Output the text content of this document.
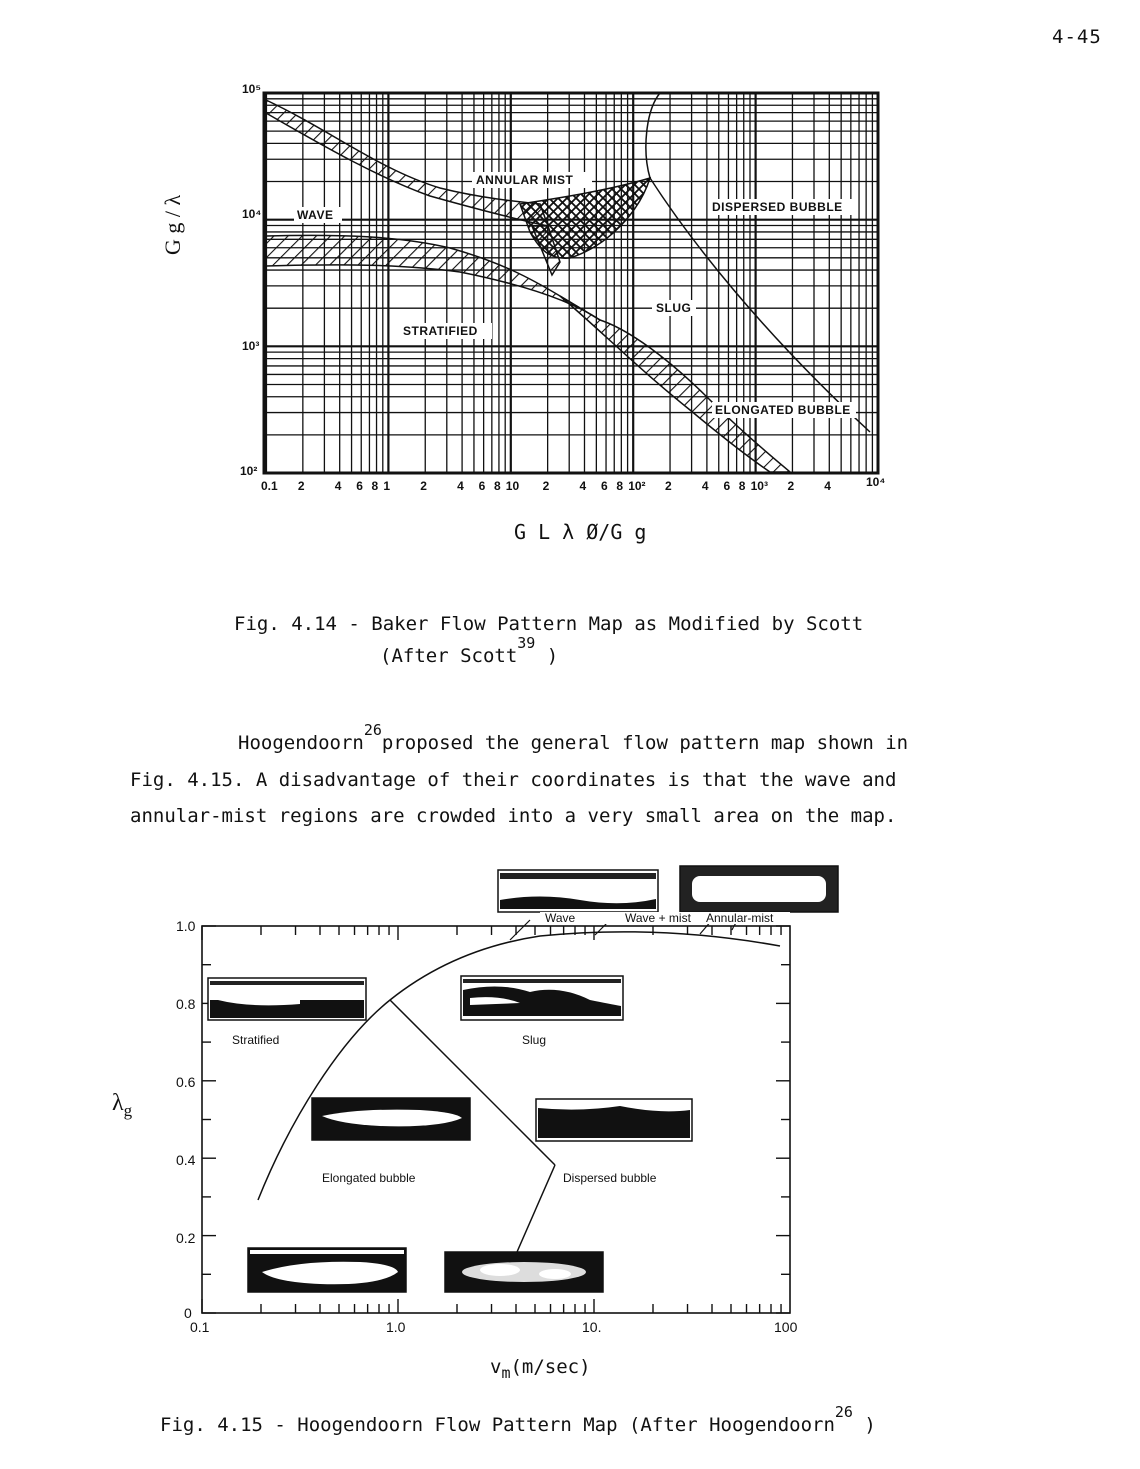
4-45
ANNULAR MIST
DISPERSED BUBBLE
WAVE
SLUG
STRATIFIED
ELONGATED BUBBLE
10⁵
10⁴
10³
10²
0.1 2	4 6 8 1	2	4 6 8 10 2	4 6 8 10² 2	4 6 8 10³ 2	4	10⁴
G g / λ
G L λ Ø/G g
Fig. 4.14 - Baker Flow Pattern Map as Modified by Scott
(After Scott$^{39}$ )

Hoogendoorn$^{26}$proposed the general flow pattern map shown in

Fig. 4.15. A disadvantage of their coordinates is that the wave and

annular-mist regions are crowded into a very small area on the map.

Wave	Wave + mist Annular-mist
Stratified	Slug
Elongated bubble	Dispersed bubble
1.0
0.8
0.6
0.4
0.2
0
0.1	1.0	10.	100
$\lambda_g$
$v_m(m/\sec)$
Fig. 4.15 - Hoogendoorn Flow Pattern Map (After Hoogendoorn$^{26}$ )
